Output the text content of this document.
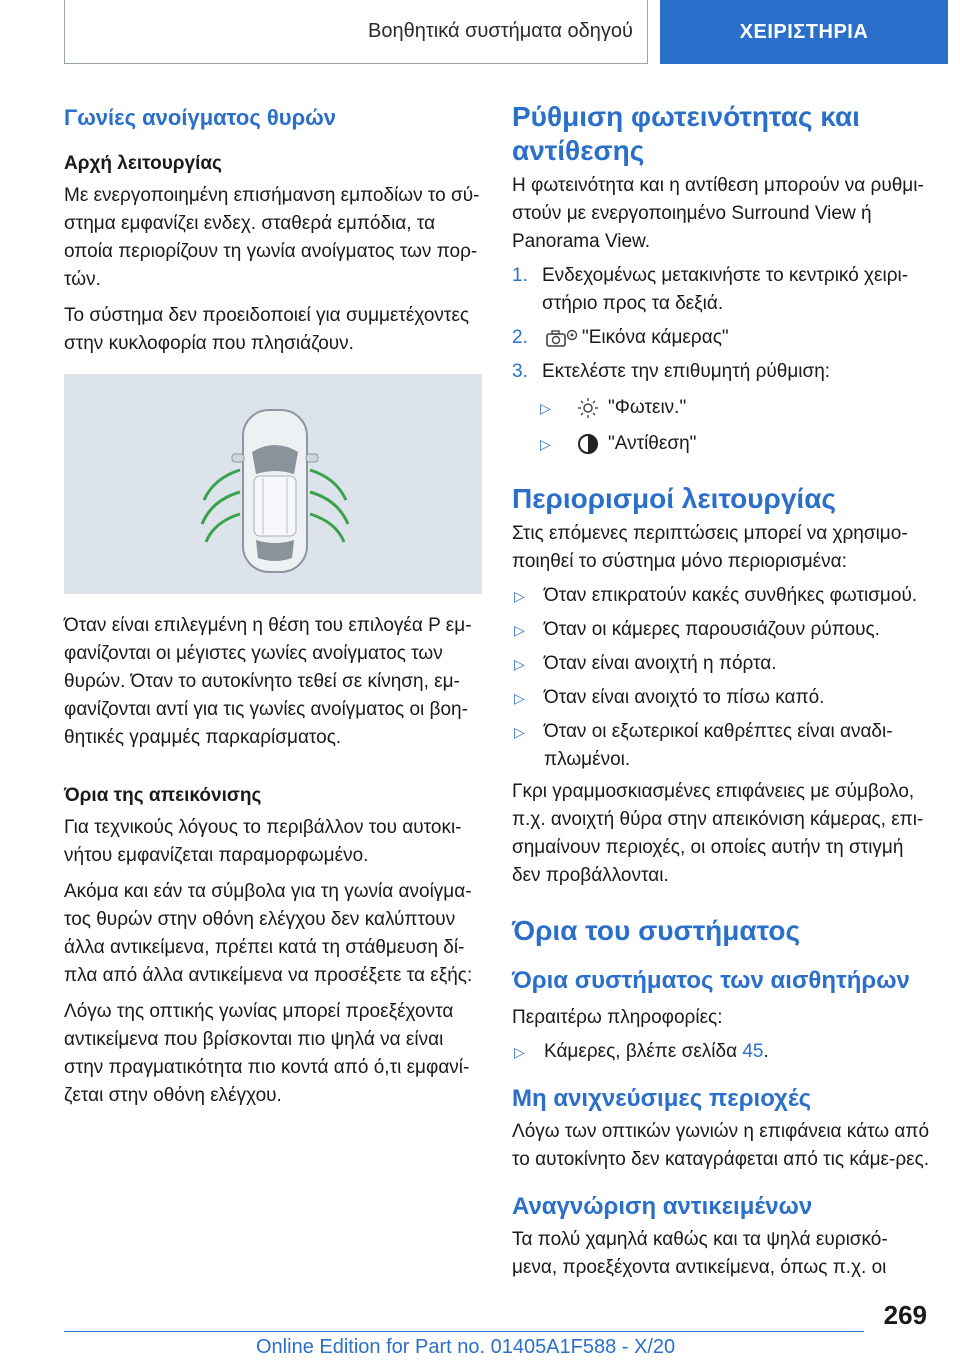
Βοηθητικά συστήματα οδηγού	ΧΕΙΡΙΣΤΗΡΙΑ
Γωνίες ανοίγματος θυρών

Αρχή λειτουργίας

Με ενεργοποιημένη επισήμανση εμποδίων το σύ-στημα εμφανίζει ενδεχ. σταθερά εμπόδια, τα οποία περιορίζουν τη γωνία ανοίγματος των πορ-τών.

Το σύστημα δεν προειδοποιεί για συμμετέχοντες στην κυκλοφορία που πλησιάζουν.

Όταν είναι επιλεγμένη η θέση του επιλογέα P εμ-φανίζονται οι μέγιστες γωνίες ανοίγματος των θυρών. Όταν το αυτοκίνητο τεθεί σε κίνηση, εμ-φανίζονται αντί για τις γωνίες ανοίγματος οι βοη-θητικές γραμμές παρκαρίσματος.

Όρια της απεικόνισης

Για τεχνικούς λόγους το περιβάλλον του αυτοκι-νήτου εμφανίζεται παραμορφωμένο.

Ακόμα και εάν τα σύμβολα για τη γωνία ανοίγμα-τος θυρών στην οθόνη ελέγχου δεν καλύπτουν άλλα αντικείμενα, πρέπει κατά τη στάθμευση δί-πλα από άλλα αντικείμενα να προσέξετε τα εξής:

Λόγω της οπτικής γωνίας μπορεί προεξέχοντα αντικείμενα που βρίσκονται πιο ψηλά να είναι στην πραγματικότητα πιο κοντά από ό,τι εμφανί-ζεται στην οθόνη ελέγχου.

Ρύθμιση φωτεινότητας και αντίθεσης

Η φωτεινότητα και η αντίθεση μπορούν να ρυθμι-στούν με ενεργοποιημένο Surround View ή Panorama View.

1. Ενδεχομένως μετακινήστε το κεντρικό χειρι-στήριο προς τα δεξιά.
2.	"Εικόνα κάμερας"
3. Εκτελέστε την επιθυμητή ρύθμιση:
▷	"Φωτειν."
▷	"Αντίθεση"
Περιορισμοί λειτουργίας

Στις επόμενες περιπτώσεις μπορεί να χρησιμο-ποιηθεί το σύστημα μόνο περιορισμένα:

▷	Όταν επικρατούν κακές συνθήκες φωτισμού.
▷	Όταν οι κάμερες παρουσιάζουν ρύπους.
▷	Όταν είναι ανοιχτή η πόρτα.
▷	Όταν είναι ανοιχτό το πίσω καπό.
▷	Όταν οι εξωτερικοί καθρέπτες είναι αναδι-πλωμένοι.

Γκρι γραμμοσκιασμένες επιφάνειες με σύμβολο, π.χ. ανοιχτή θύρα στην απεικόνιση κάμερας, επι-σημαίνουν περιοχές, οι οποίες αυτήν τη στιγμή δεν προβάλλονται.

Όρια του συστήματος
Όρια συστήματος των αισθητήρων

Περαιτέρω πληροφορίες:

▷	Κάμερες, βλέπε σελίδα 45.
Μη ανιχνεύσιμες περιοχές

Λόγω των οπτικών γωνιών η επιφάνεια κάτω από το αυτοκίνητο δεν καταγράφεται από τις κάμε-ρες.

Αναγνώριση αντικειμένων

Τα πολύ χαμηλά καθώς και τα ψηλά ευρισκό-μενα, προεξέχοντα αντικείμενα, όπως π.χ. οι

269
Online Edition for Part no. 01405A1F588 - X/20
